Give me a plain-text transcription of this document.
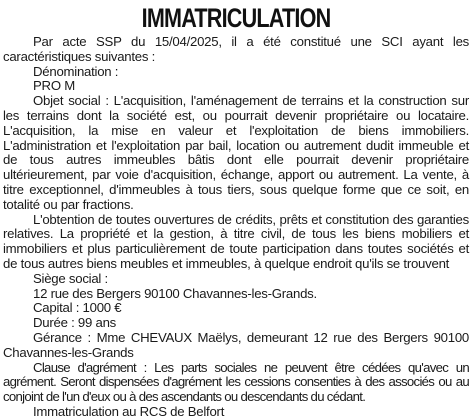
IMMATRICULATION

Par acte SSP du 15/04/2025, il a été constitué une SCI ayant les caractéristiques suivantes :

Dénomination :

PRO M

Objet social : L'acquisition, l'aménagement de terrains et la construction sur les terrains dont la société est, ou pourrait devenir propriétaire ou locataire. L'acquisition, la mise en valeur et l'exploitation de biens immobiliers. L'administration et l'exploitation par bail, location ou autrement dudit immeuble et de tous autres immeubles bâtis dont elle pourrait devenir propriétaire ultérieurement, par voie d'acquisition, échange, apport ou autrement. La vente, à titre exceptionnel, d'immeubles à tous tiers, sous quelque forme que ce soit, en totalité ou par fractions.

L'obtention de toutes ouvertures de crédits, prêts et constitution des garanties relatives. La propriété et la gestion, à titre civil, de tous les biens mobiliers et immobiliers et plus particulièrement de toute participation dans toutes sociétés et de tous autres biens meubles et immeubles, à quelque endroit qu'ils se trouvent

Siège social :

12 rue des Bergers 90100 Chavannes-les-Grands.

Capital : 1000 €

Durée : 99 ans

Gérance : Mme CHEVAUX Maëlys, demeurant 12 rue des Bergers 90100 Chavannes-les-Grands

Clause d'agrément : Les parts sociales ne peuvent être cédées qu'avec un agrément. Seront dispensées d'agrément les cessions consenties à des associés ou au conjoint de l'un d'eux ou à des ascendants ou descendants du cédant.

Immatriculation au RCS de Belfort
